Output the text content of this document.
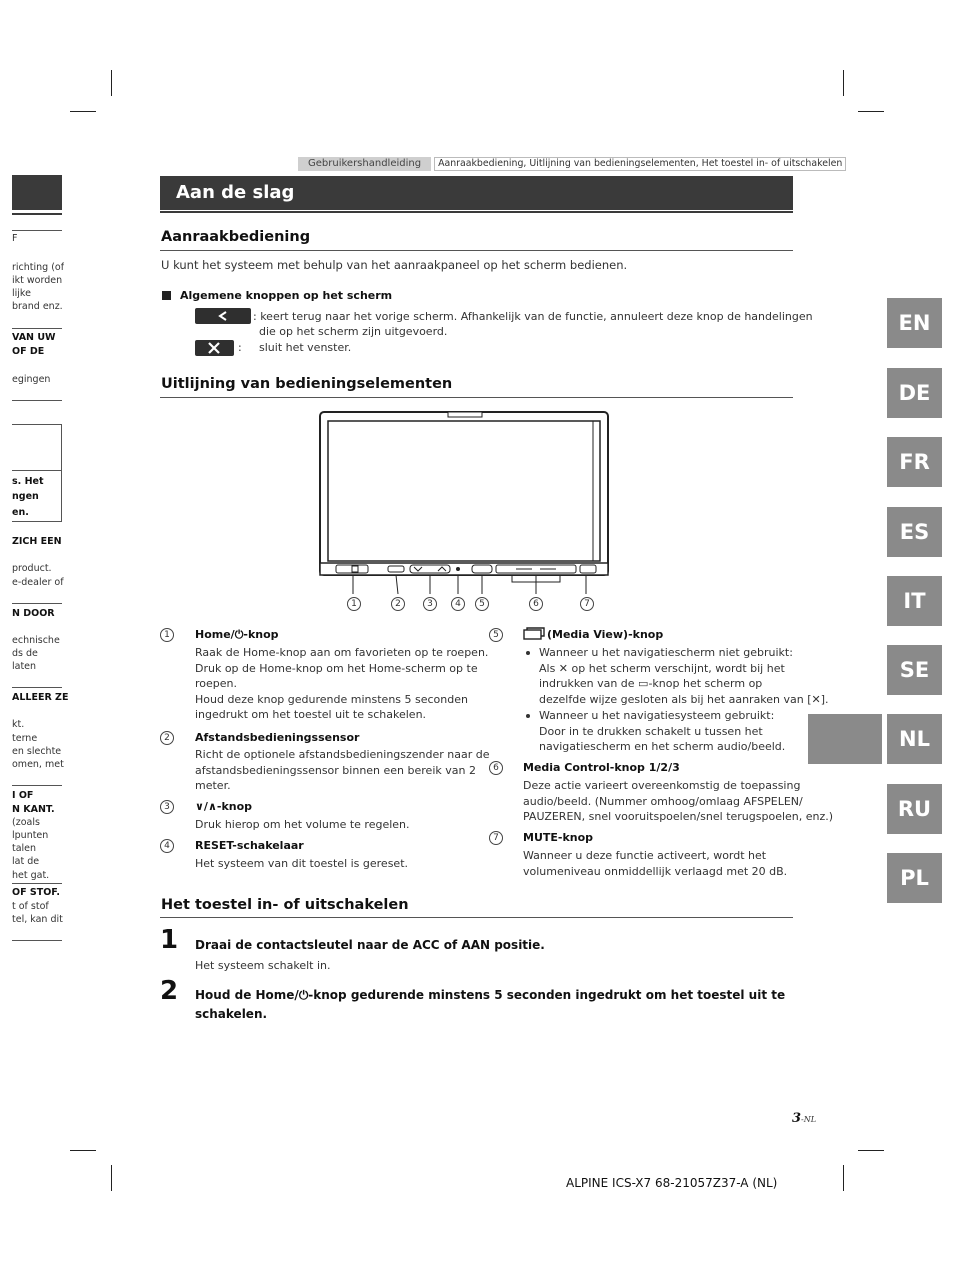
F
richting (of
ikt worden
lijke
brand enz.
VAN UW
OF DE
egingen
s. Het
ngen
en.
ZICH EEN
product.
e-dealer of
N DOOR
echnische
ds de
laten
ALLEER ZE
kt.
terne
en slechte
omen, met
I OF
N KANT.
(zoals
lpunten
talen
lat de
het gat.
OF STOF.
t of stof
tel, kan dit
Gebruikershandleiding	Aanraakbediening, Uitlijning van bedieningselementen, Het toestel in- of uitschakelen
Aan de slag
Aanraakbediening
U kunt het systeem met behulp van het aanraakpaneel op het scherm bedienen.
Algemene knoppen op het scherm
: keert terug naar het vorige scherm. Afhankelijk van de functie, annuleert deze knop de handelingen
die op het scherm zijn uitgevoerd.
: sluit het venster.
Uitlijning van bedieningselementen
1	2	3	4	5	6	7
1	Home/⏻-knop
Raak de Home-knop aan om favorieten op te roepen.
Druk op de Home-knop om het Home-scherm op te
roepen.
Houd deze knop gedurende minstens 5 seconden
ingedrukt om het toestel uit te schakelen.
2	Afstandsbedieningssensor
Richt de optionele afstandsbedieningszender naar de
afstandsbedieningssensor binnen een bereik van 2
meter.
3	∨/∧-knop
Druk hierop om het volume te regelen.
4	RESET-schakelaar
Het systeem van dit toestel is gereset.
5	(Media View)-knop
Wanneer u het navigatiescherm niet gebruikt:
Als ✕ op het scherm verschijnt, wordt bij het
indrukken van de ▭-knop het scherm op
dezelfde wijze gesloten als bij het aanraken van [✕].
Wanneer u het navigatiesysteem gebruikt:
Door in te drukken schakelt u tussen het
navigatiescherm en het scherm audio/beeld.
6	Media Control-knop 1/2/3
Deze actie varieert overeenkomstig de toepassing
audio/beeld. (Nummer omhoog/omlaag AFSPELEN/
PAUZEREN, snel vooruitspoelen/snel terugspoelen, enz.)
7	MUTE-knop
Wanneer u deze functie activeert, wordt het
volumeniveau onmiddellijk verlaagd met 20 dB.
Het toestel in- of uitschakelen
1 Draai de contactsleutel naar de ACC of AAN positie.
Het systeem schakelt in.
2 Houd de Home/⏻-knop gedurende minstens 5 seconden ingedrukt om het toestel uit te
schakelen.
EN
DE
FR
ES
IT
SE
NL
RU
PL
3 -NL
ALPINE ICS-X7 68-21057Z37-A (NL)
